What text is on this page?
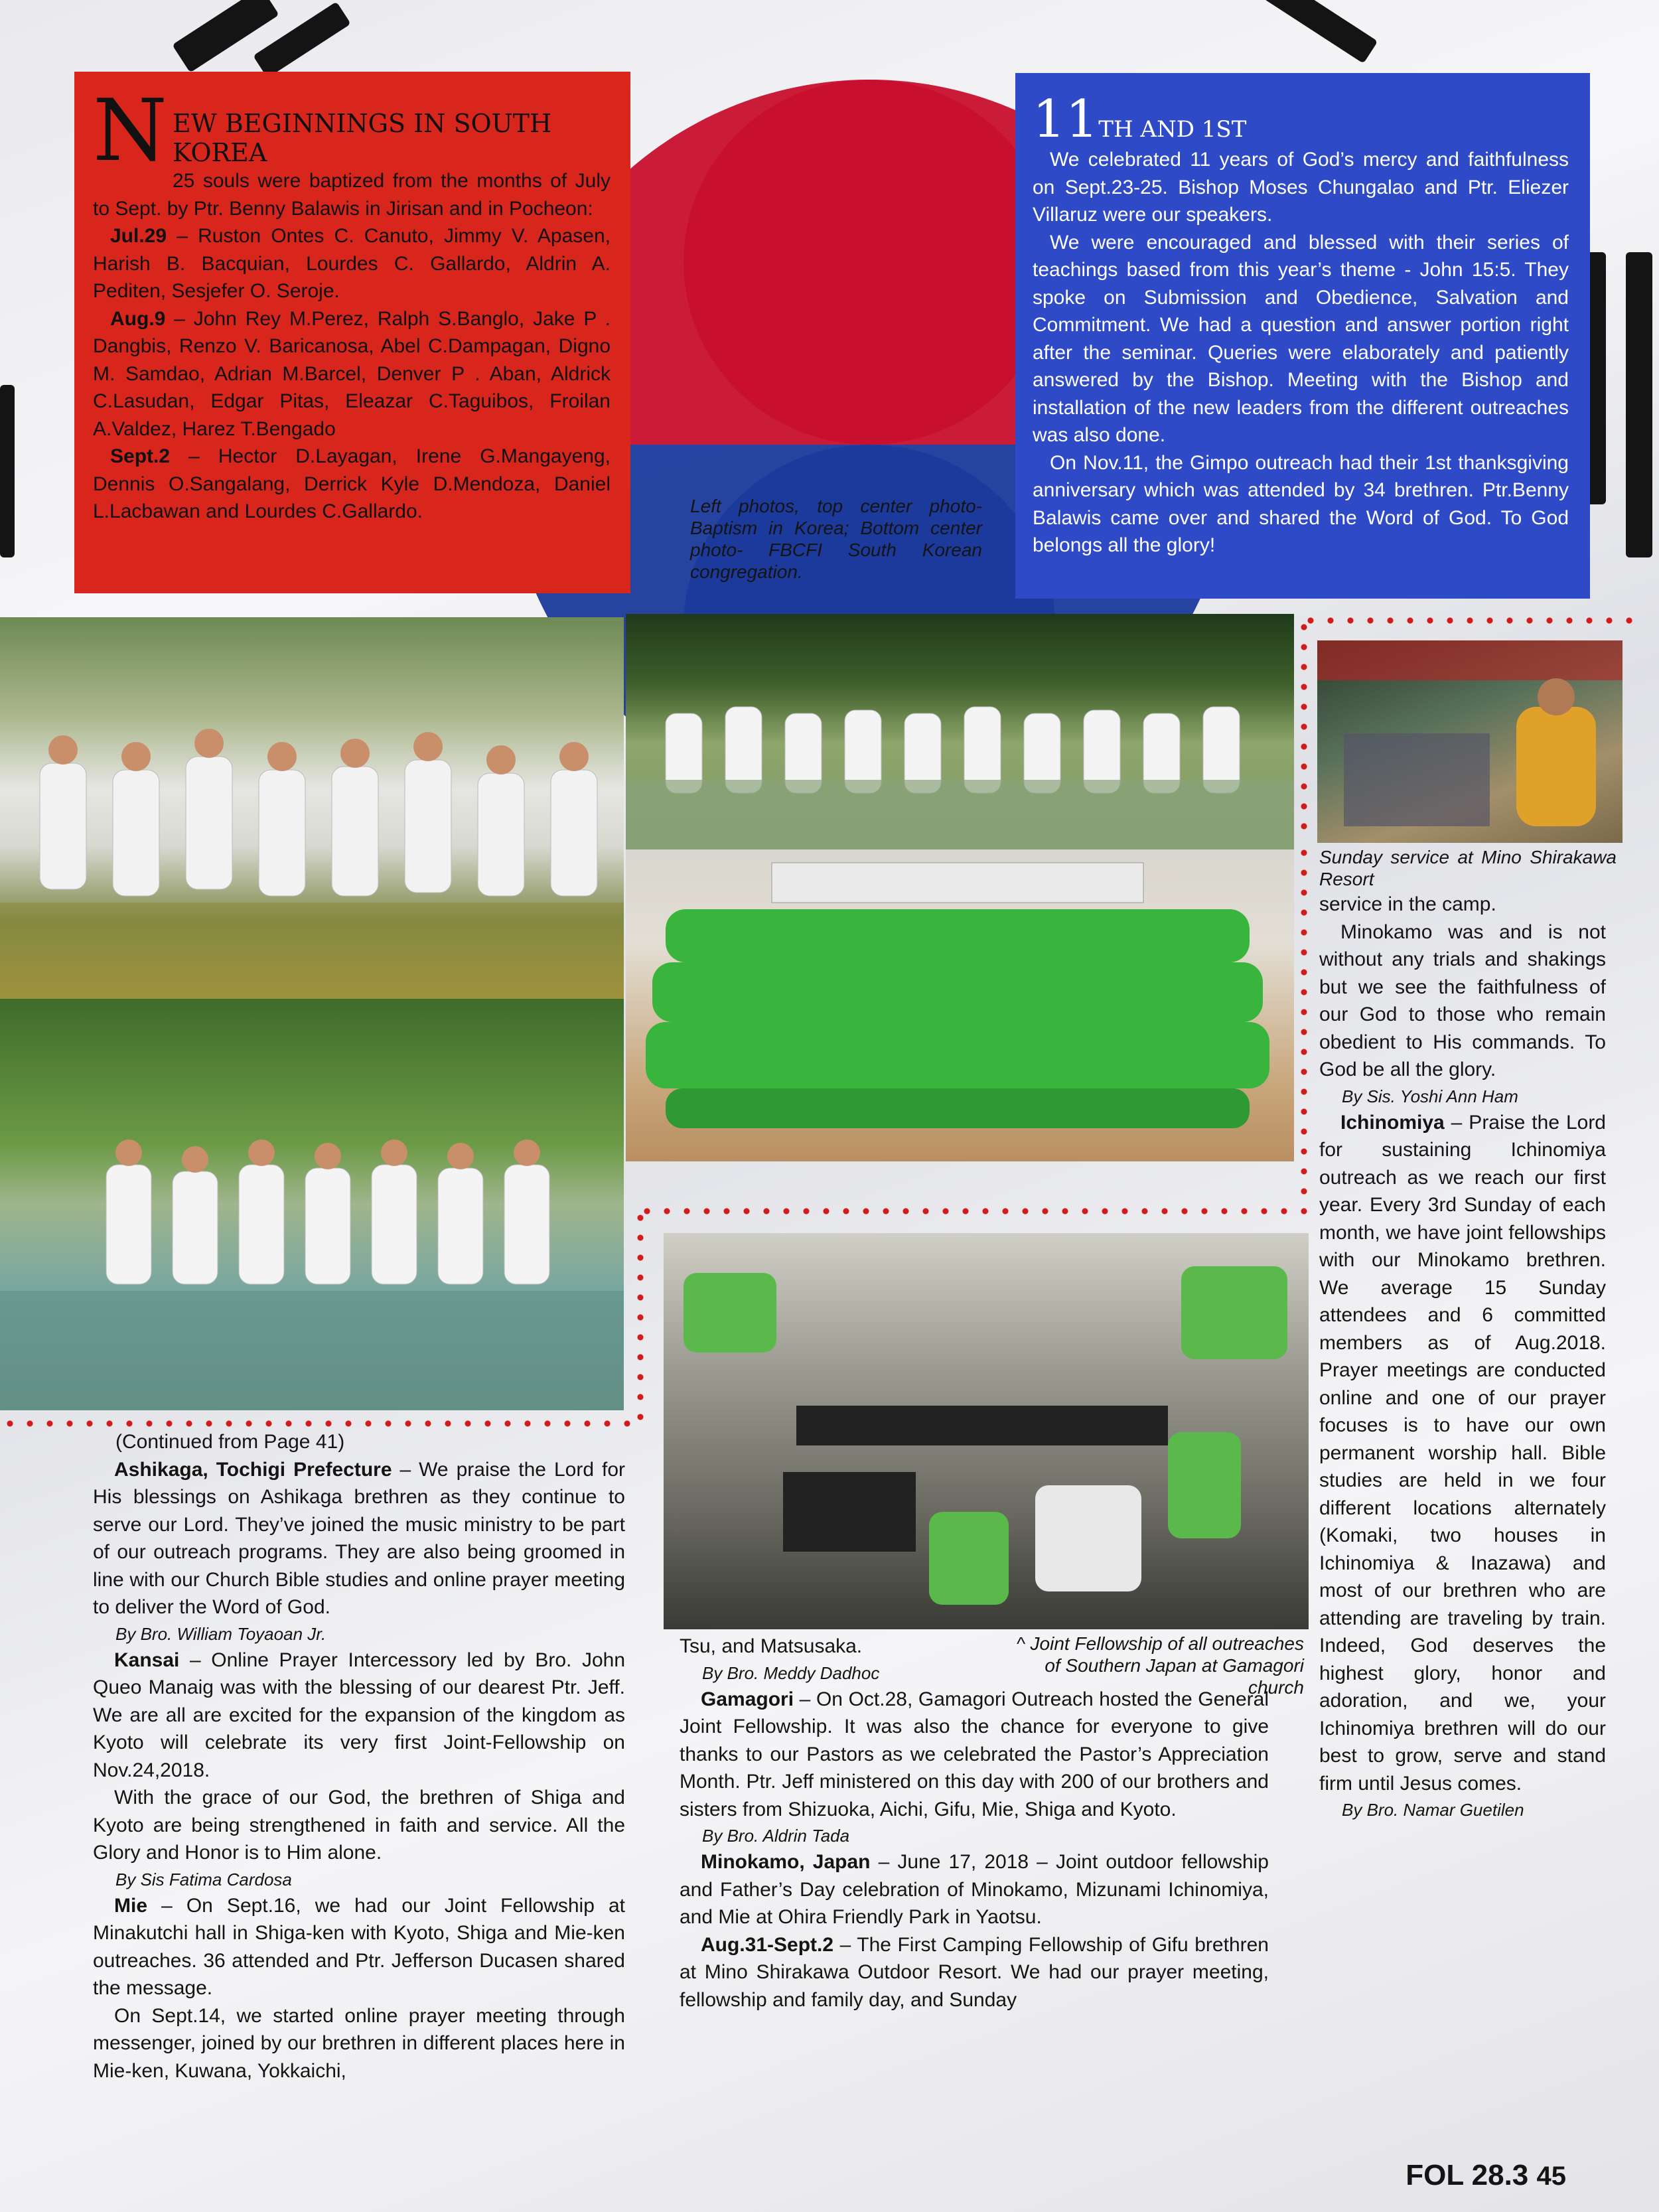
N EW BEGINNINGS IN SOUTH KOREA

25 souls were baptized from the months of July to Sept. by Ptr. Benny Balawis in Jirisan and in Pocheon:

Jul.29 – Ruston Ontes C. Canuto, Jimmy V. Apasen, Harish B. Bacquian, Lourdes C. Gallardo, Aldrin A. Pediten, Sesjefer O. Seroje.

Aug.9 – John Rey M.Perez, Ralph S.Banglo, Jake P . Dangbis, Renzo V. Baricanosa, Abel C.Dampagan, Digno M. Samdao, Adrian M.Barcel, Denver P . Aban, Aldrick C.Lasudan, Edgar Pitas, Eleazar C.Taguibos, Froilan A.Valdez, Harez T.Bengado

Sept.2 – Hector D.Layagan, Irene G.Mangayeng, Dennis O.Sangalang, Derrick Kyle D.Mendoza, Daniel L.Lacbawan and Lourdes C.Gallardo.	Left photos, top center photo- Baptism in Korea; Bottom center photo- FBCFI South Korean congregation.
11TH AND 1ST

We celebrated 11 years of God’s mercy and faithfulness on Sept.23-25. Bishop Moses Chungalao and Ptr. Eliezer Villaruz were our speakers.

We were encouraged and blessed with their series of teachings based from this year’s theme - John 15:5. They spoke on Submission and Obedience, Salvation and Commitment. We had a question and answer portion right after the seminar. Queries were elaborately and patiently answered by the Bishop. Meeting with the Bishop and installation of the new leaders from the different outreaches was also done.

On Nov.11, the Gimpo outreach had their 1st thanksgiving anniversary which was attended by 34 brethren. Ptr.Benny Balawis came over and shared the Word of God. To God belongs all the glory!

Sunday service at Mino Shirakawa Resort
^ Joint Fellowship of all outreaches of Southern Japan at Gamagori church

(Continued from Page 41)

Ashikaga, Tochigi Prefecture – We praise the Lord for His blessings on Ashikaga brethren as they continue to serve our Lord. They’ve joined the music ministry to be part of our outreach programs. They are also being groomed in line with our Church Bible studies and online prayer meeting to deliver the Word of God.

By Bro. William Toyaoan Jr.

Kansai – Online Prayer Intercessory led by Bro. John Queo Manaig was with the blessing of our dearest Ptr. Jeff. We are all are excited for the expansion of the kingdom as Kyoto will celebrate its very first Joint-Fellowship on Nov.24,2018.

With the grace of our God, the brethren of Shiga and Kyoto are being strengthened in faith and service. All the Glory and Honor is to Him alone.

By Sis Fatima Cardosa

Mie – On Sept.16, we had our Joint Fellowship at Minakutchi hall in Shiga-ken with Kyoto, Shiga and Mie-ken outreaches. 36 attended and Ptr. Jefferson Ducasen shared the message.

On Sept.14, we started online prayer meeting through messenger, joined by our brethren in different places here in Mie-ken, Kuwana, Yokkaichi,

Tsu, and Matsusaka.

By Bro. Meddy Dadhoc

Gamagori – On Oct.28, Gamagori Outreach hosted the General Joint Fellowship. It was also the chance for everyone to give thanks to our Pastors as we celebrated the Pastor’s Appreciation Month. Ptr. Jeff ministered on this day with 200 of our brothers and sisters from Shizuoka, Aichi, Gifu, Mie, Shiga and Kyoto.

By Bro. Aldrin Tada

Minokamo, Japan – June 17, 2018 – Joint outdoor fellowship and Father’s Day celebration of Minokamo, Mizunami Ichinomiya, and Mie at Ohira Friendly Park in Yaotsu.

Aug.31-Sept.2 – The First Camping Fellowship of Gifu brethren at Mino Shirakawa Outdoor Resort. We had our prayer meeting, fellowship and family day, and Sunday

service in the camp.

Minokamo was and is not without any trials and shakings but we see the faithfulness of our God to those who remain obedient to His commands. To God be all the glory.

By Sis. Yoshi Ann Ham

Ichinomiya – Praise the Lord for sustaining Ichinomiya outreach as we reach our first year. Every 3rd Sunday of each month, we have joint fellowships with our Minokamo brethren. We average 15 Sunday attendees and 6 committed members as of Aug.2018. Prayer meetings are conducted online and one of our prayer focuses is to have our own permanent worship hall. Bible studies are held in we four different locations alternately (Komaki, two houses in Ichinomiya & Inazawa) and most of our brethren who are attending are traveling by train. Indeed, God deserves the highest glory, honor and adoration, and we, your Ichinomiya brethren will do our best to grow, serve and stand firm until Jesus comes.

By Bro. Namar Guetilen

FOL 28.3 45
